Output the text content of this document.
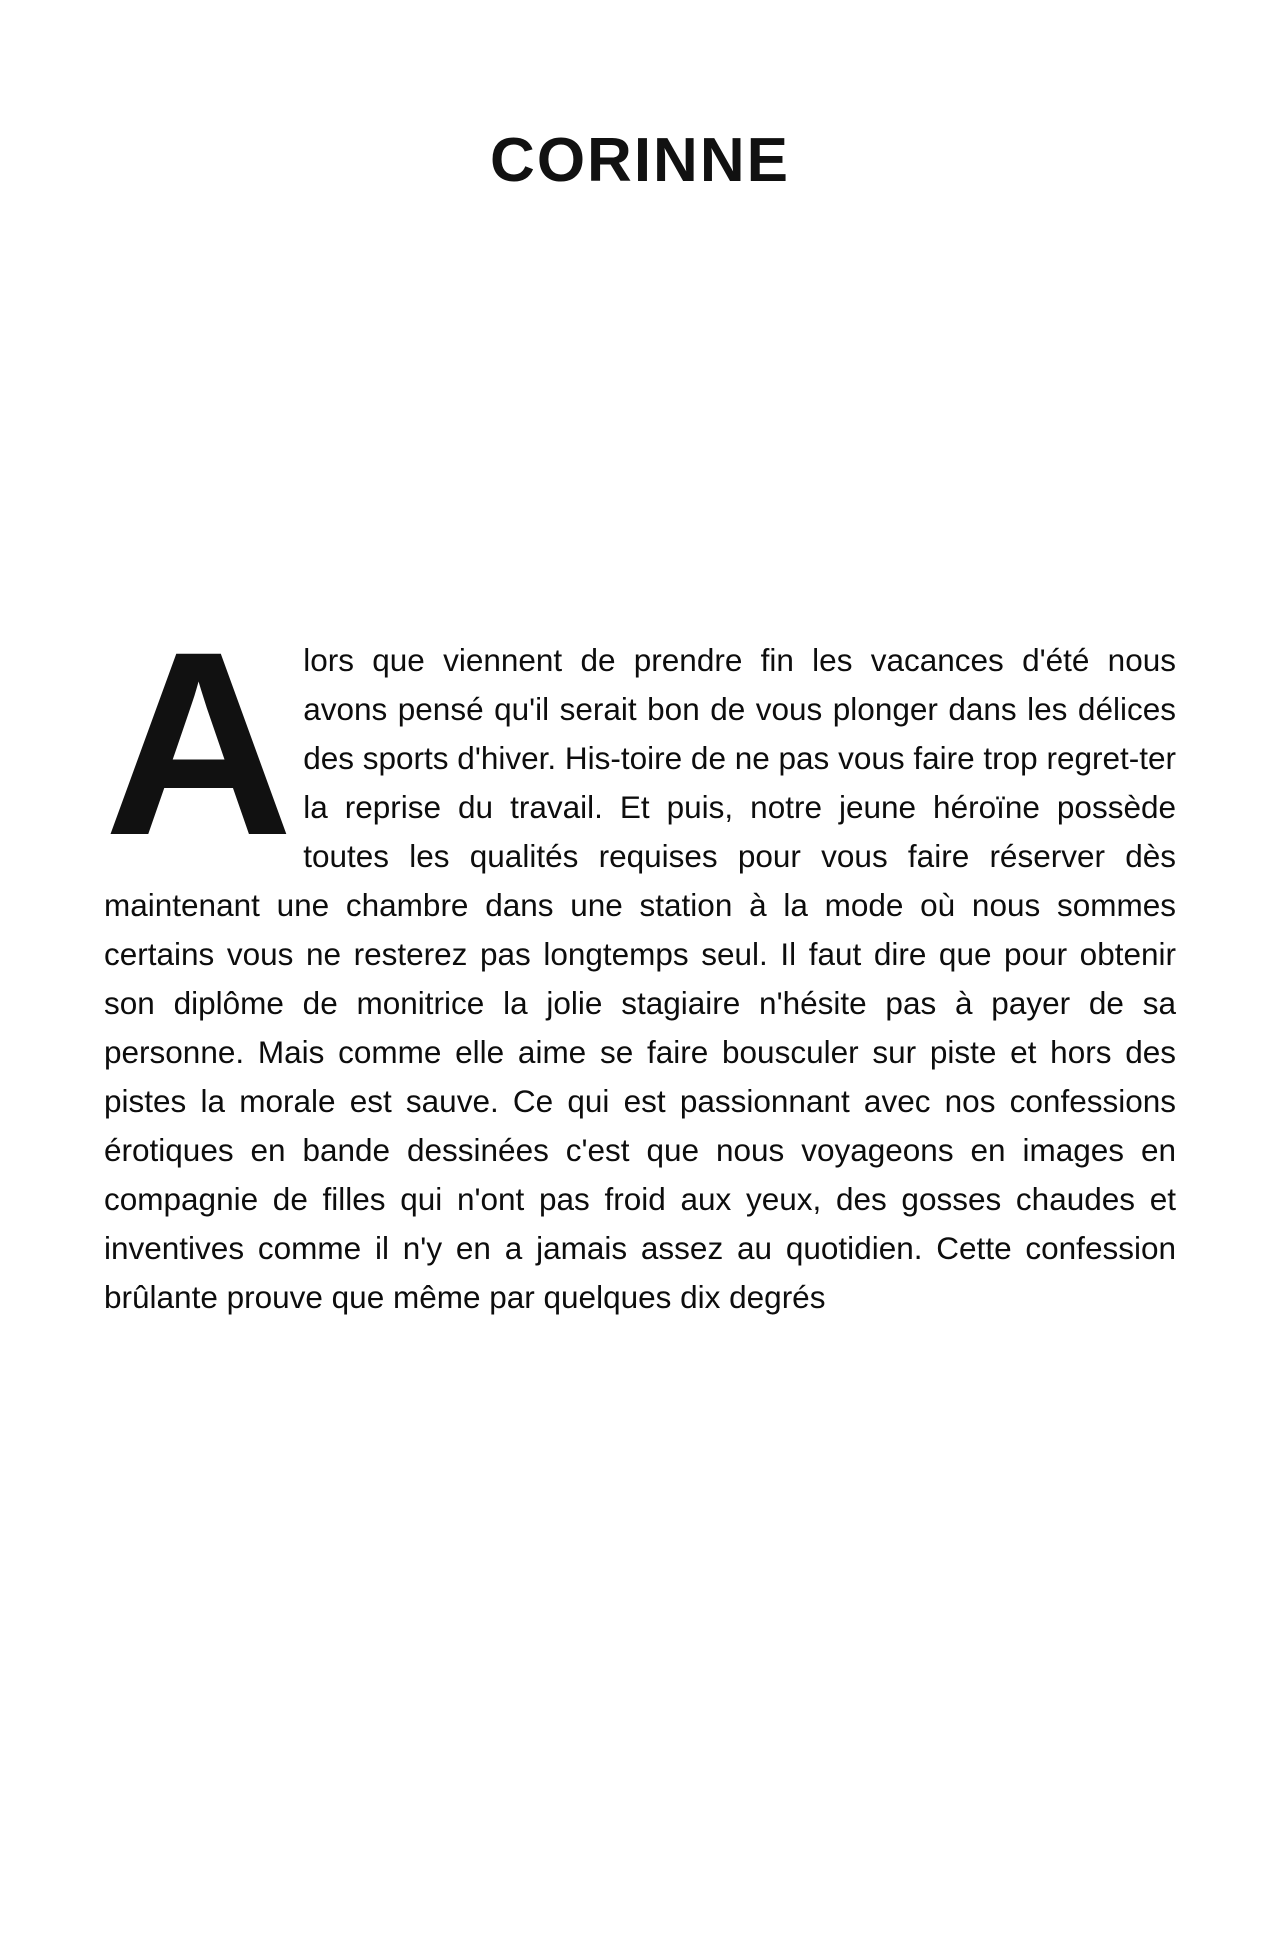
CORINNE
A lors que viennent de prendre fin les vacances d'été nous avons pensé qu'il serait bon de vous plonger dans les délices des sports d'hiver. His-toire de ne pas vous faire trop regret-ter la reprise du travail. Et puis, notre jeune héroïne possède toutes les qualités requises pour vous faire réserver dès maintenant une chambre dans une station à la mode où nous sommes certains vous ne resterez pas longtemps seul. Il faut dire que pour obtenir son diplôme de monitrice la jolie stagiaire n'hésite pas à payer de sa personne. Mais comme elle aime se faire bousculer sur piste et hors des pistes la morale est sauve. Ce qui est passionnant avec nos confessions érotiques en bande dessinées c'est que nous voyageons en images en compagnie de filles qui n'ont pas froid aux yeux, des gosses chaudes et inventives comme il n'y en a jamais assez au quotidien. Cette confession brûlante prouve que même par quelques dix degrés
